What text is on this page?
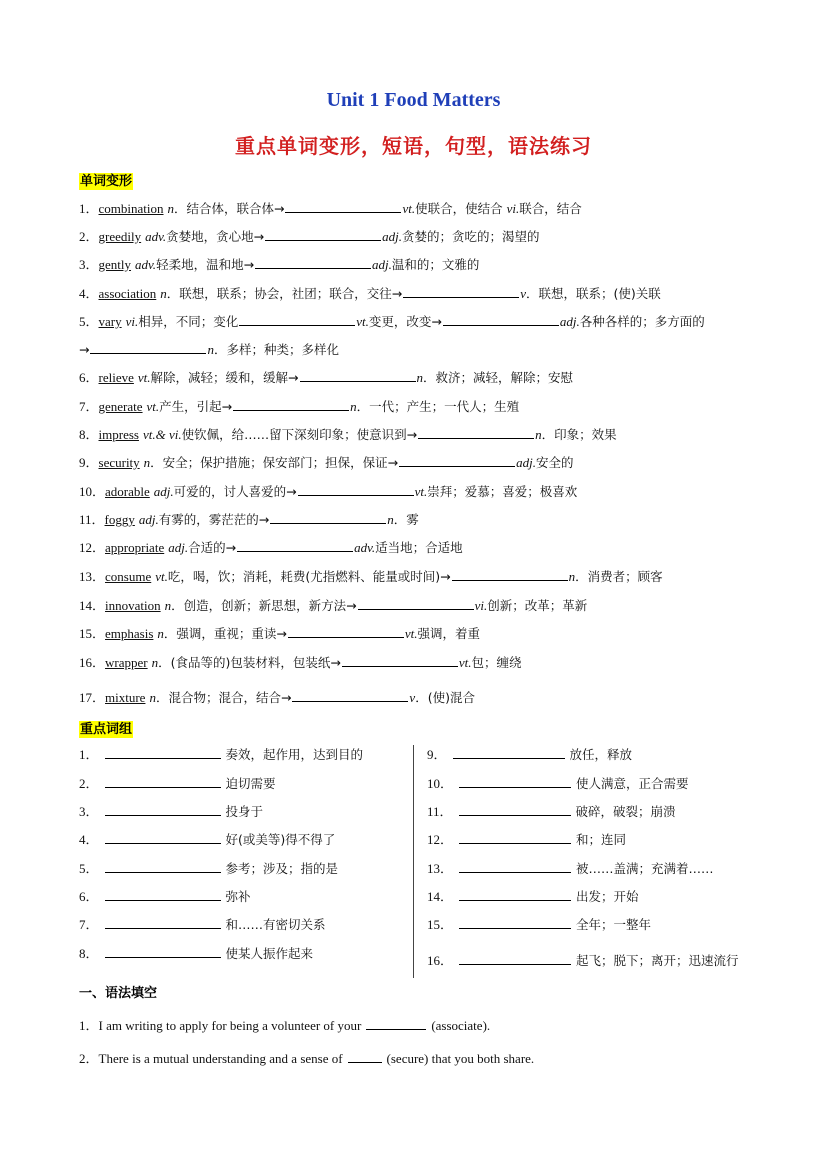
Unit 1 Food Matters
重点单词变形，短语，句型，语法练习
单词变形
1．combination n．结合体，联合体→	vt.使联合，使结合 vi.联合，结合
2．greedily adv.贪婪地，贪心地→	adj.贪婪的；贪吃的；渴望的
3．gently adv.轻柔地，温和地→	adj.温和的；文雅的
4．association n．联想，联系；协会，社团；联合，交往→	v．联想，联系；(使)关联
5．vary vi.相异，不同；变化	vt.变更，改变→	adj.各种各样的；多方面的
→	n．多样；种类；多样化
6．relieve vt.解除，减轻；缓和，缓解→	n．救济；减轻，解除；安慰
7．generate vt.产生，引起→	n．一代；产生；一代人；生殖
8．impress vt.& vi.使钦佩，给……留下深刻印象；使意识到→	n．印象；效果
9．security n．安全；保护措施；保安部门；担保，保证→	adj.安全的
10．adorable adj.可爱的，讨人喜爱的→	vt.崇拜；爱慕；喜爱；极喜欢
11．foggy adj.有雾的，雾茫茫的→	n．雾
12．appropriate adj.合适的→	adv.适当地；合适地
13．consume vt.吃，喝，饮；消耗，耗费(尤指燃料、能量或时间)→	n．消费者；顾客
14．innovation n．创造，创新；新思想，新方法→	vi.创新；改革；革新
15．emphasis n．强调，重视；重读→	vt.强调，着重
16．wrapper n．(食品等的)包装材料，包装纸→	vt.包；缠绕
17．mixture n．混合物；混合，结合→	v．(使)混合
重点词组
1．	奏效，起作用，达到目的
2．	迫切需要
3．	投身于
4．	好(或美等)得不得了
5．	参考；涉及；指的是
6．	弥补
7．	和……有密切关系
8．	使某人振作起来
9．	放任，释放
10．	使人满意，正合需要
11．	破碎，破裂；崩溃
12．	和；连同
13．	被……盖满；充满着……
14．	出发；开始
15．	全年；一整年
16．	起飞；脱下；离开；迅速流行
一、语法填空
1．I am writing to apply for being a volunteer of your	(associate).
2．There is a mutual understanding and a sense of	(secure) that you both share.
